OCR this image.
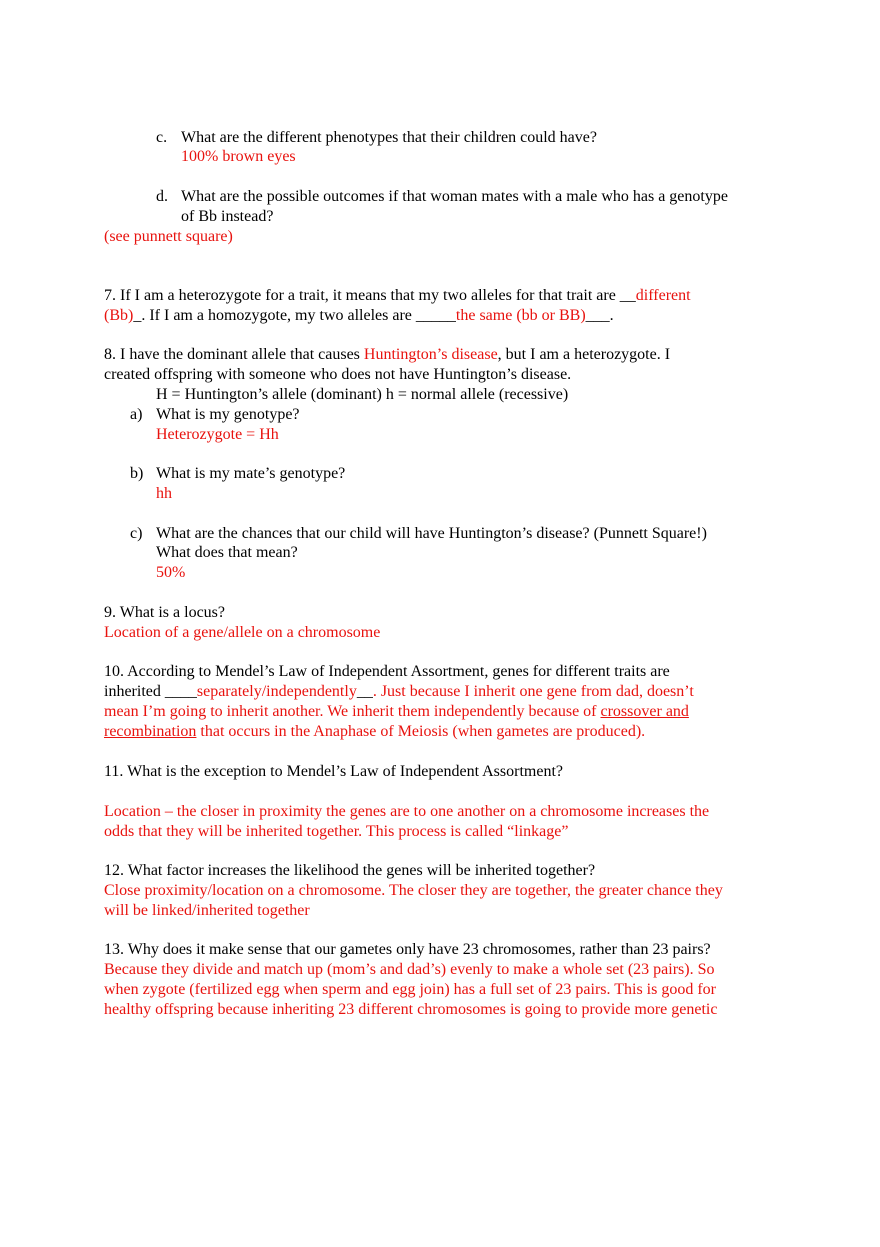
c. What are the different phenotypes that their children could have?
100% brown eyes
d. What are the possible outcomes if that woman mates with a male who has a genotype
of Bb instead?
(see punnett square)
7. If I am a heterozygote for a trait, it means that my two alleles for that trait are __different
(Bb)_. If I am a homozygote, my two alleles are _____the same (bb or BB)___.
8. I have the dominant allele that causes Huntington’s disease, but I am a heterozygote. I
created offspring with someone who does not have Huntington’s disease.
H = Huntington’s allele (dominant) h = normal allele (recessive)
a) What is my genotype?
Heterozygote = Hh
b) What is my mate’s genotype?
hh
c) What are the chances that our child will have Huntington’s disease? (Punnett Square!)
What does that mean?
50%
9. What is a locus?
Location of a gene/allele on a chromosome
10. According to Mendel’s Law of Independent Assortment, genes for different traits are
inherited ____separately/independently__. Just because I inherit one gene from dad, doesn’t
mean I’m going to inherit another. We inherit them independently because of crossover and
recombination that occurs in the Anaphase of Meiosis (when gametes are produced).
11. What is the exception to Mendel’s Law of Independent Assortment?
Location – the closer in proximity the genes are to one another on a chromosome increases the
odds that they will be inherited together. This process is called “linkage”
12. What factor increases the likelihood the genes will be inherited together?
Close proximity/location on a chromosome. The closer they are together, the greater chance they
will be linked/inherited together
13. Why does it make sense that our gametes only have 23 chromosomes, rather than 23 pairs?
Because they divide and match up (mom’s and dad’s) evenly to make a whole set (23 pairs). So
when zygote (fertilized egg when sperm and egg join) has a full set of 23 pairs. This is good for
healthy offspring because inheriting 23 different chromosomes is going to provide more genetic
